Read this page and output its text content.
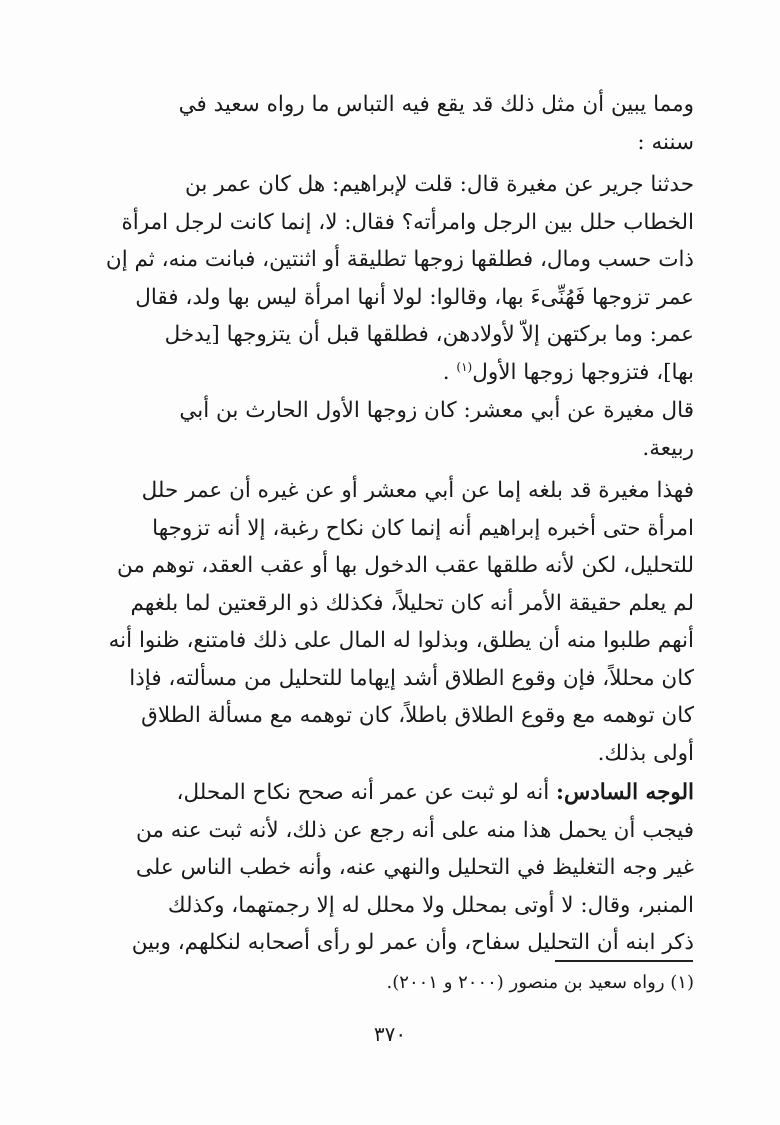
ومما يبين أن مثل ذلك قد يقع فيه التباس ما رواه سعيد في
سننه :

حدثنا جرير عن مغيرة قال: قلت لإبراهيم: هل كان عمر بن
الخطاب حلل بين الرجل وامرأته؟ فقال: لا، إنما كانت لرجل امرأة
ذات حسب ومال، فطلقها زوجها تطليقة أو اثنتين، فبانت منه، ثم إن
عمر تزوجها فَهُنِّىءَ بها، وقالوا: لولا أنها امرأة ليس بها ولد، فقال
عمر: وما بركتهن إلاّ لأولادهن، فطلقها قبل أن يتزوجها [يدخل
بها]، فتزوجها زوجها الأول$^{(١)}$ .

قال مغيرة عن أبي معشر: كان زوجها الأول الحارث بن أبي
ربيعة.

فهذا مغيرة قد بلغه إما عن أبي معشر أو عن غيره أن عمر حلل
امرأة حتى أخبره إبراهيم أنه إنما كان نكاح رغبة، إلا أنه تزوجها
للتحليل، لكن لأنه طلقها عقب الدخول بها أو عقب العقد، توهم من
لم يعلم حقيقة الأمر أنه كان تحليلاً، فكذلك ذو الرقعتين لما بلغهم
أنهم طلبوا منه أن يطلق، وبذلوا له المال على ذلك فامتنع، ظنوا أنه
كان محللاً، فإن وقوع الطلاق أشد إيهاما للتحليل من مسألته، فإذا
كان توهمه مع وقوع الطلاق باطلاً، كان توهمه مع مسألة الطلاق
أولى بذلك.

الوجه السادس: أنه لو ثبت عن عمر أنه صحح نكاح المحلل،
فيجب أن يحمل هذا منه على أنه رجع عن ذلك، لأنه ثبت عنه من
غير وجه التغليظ في التحليل والنهي عنه، وأنه خطب الناس على
المنبر، وقال: لا أوتى بمحلل ولا محلل له إلا رجمتهما، وكذلك
ذكر ابنه أن التحليل سفاح، وأن عمر لو رأى أصحابه لنكلهم، وبين

(١) رواه سعيد بن منصور (٢٠٠٠ و ٢٠٠١).
٣٧٠
